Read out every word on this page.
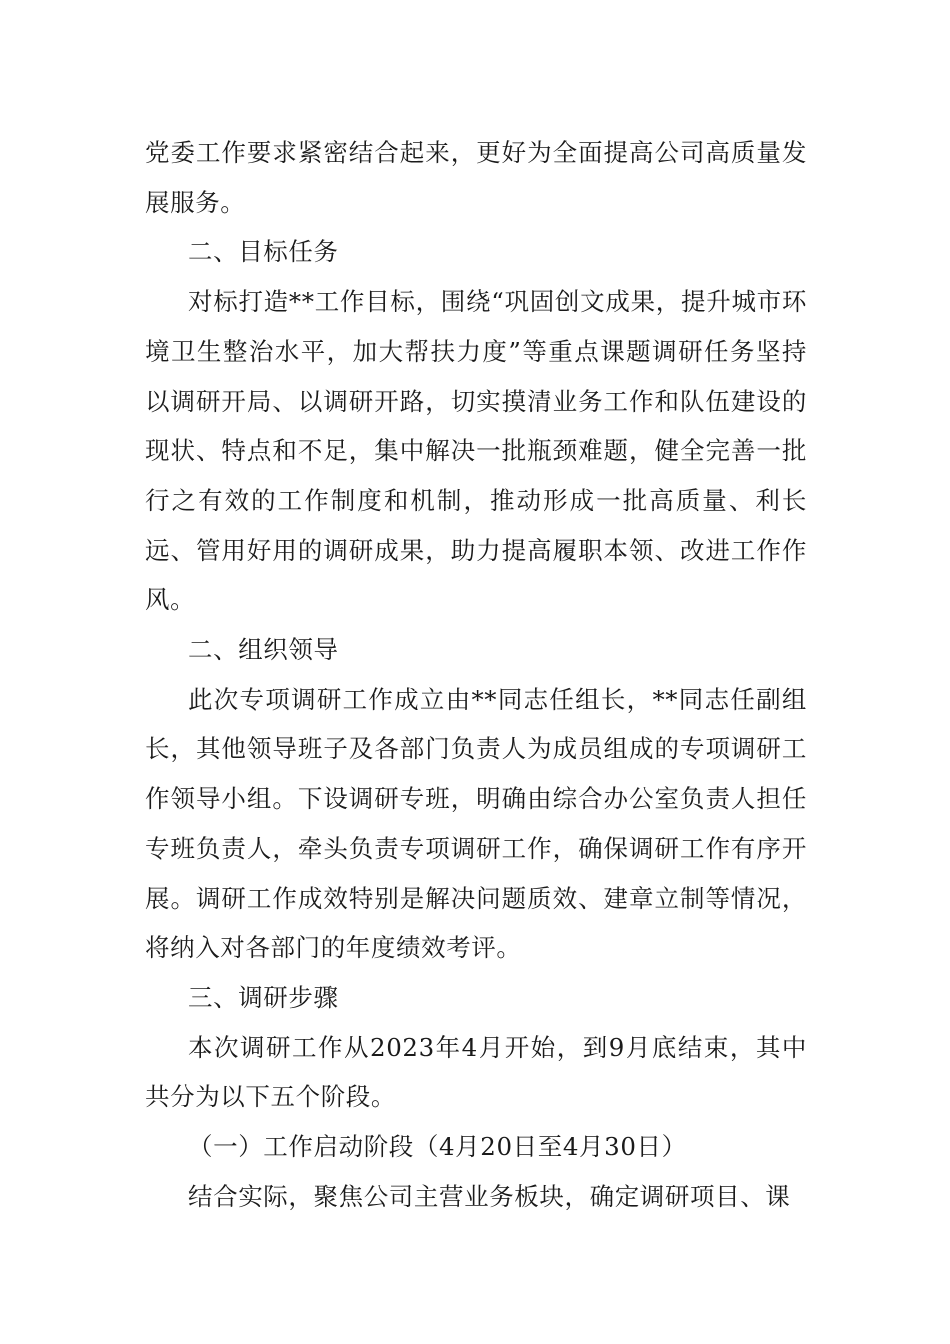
党委工作要求紧密结合起来，更好为全面提高公司高质量发展服务。

二、目标任务

对标打造**工作目标，围绕“巩固创文成果，提升城市环境卫生整治水平，加大帮扶力度”等重点课题调研任务坚持以调研开局、以调研开路，切实摸清业务工作和队伍建设的现状、特点和不足，集中解决一批瓶颈难题，健全完善一批行之有效的工作制度和机制，推动形成一批高质量、利长远、管用好用的调研成果，助力提高履职本领、改进工作作风。

二、组织领导

此次专项调研工作成立由**同志任组长，**同志任副组长，其他领导班子及各部门负责人为成员组成的专项调研工作领导小组。下设调研专班，明确由综合办公室负责人担任专班负责人，牵头负责专项调研工作，确保调研工作有序开展。调研工作成效特别是解决问题质效、建章立制等情况，将纳入对各部门的年度绩效考评。

三、调研步骤

本次调研工作从2023年4月开始，到9月底结束，其中共分为以下五个阶段。

（一）工作启动阶段（4月20日至4月30日）

结合实际，聚焦公司主营业务板块，确定调研项目、课
